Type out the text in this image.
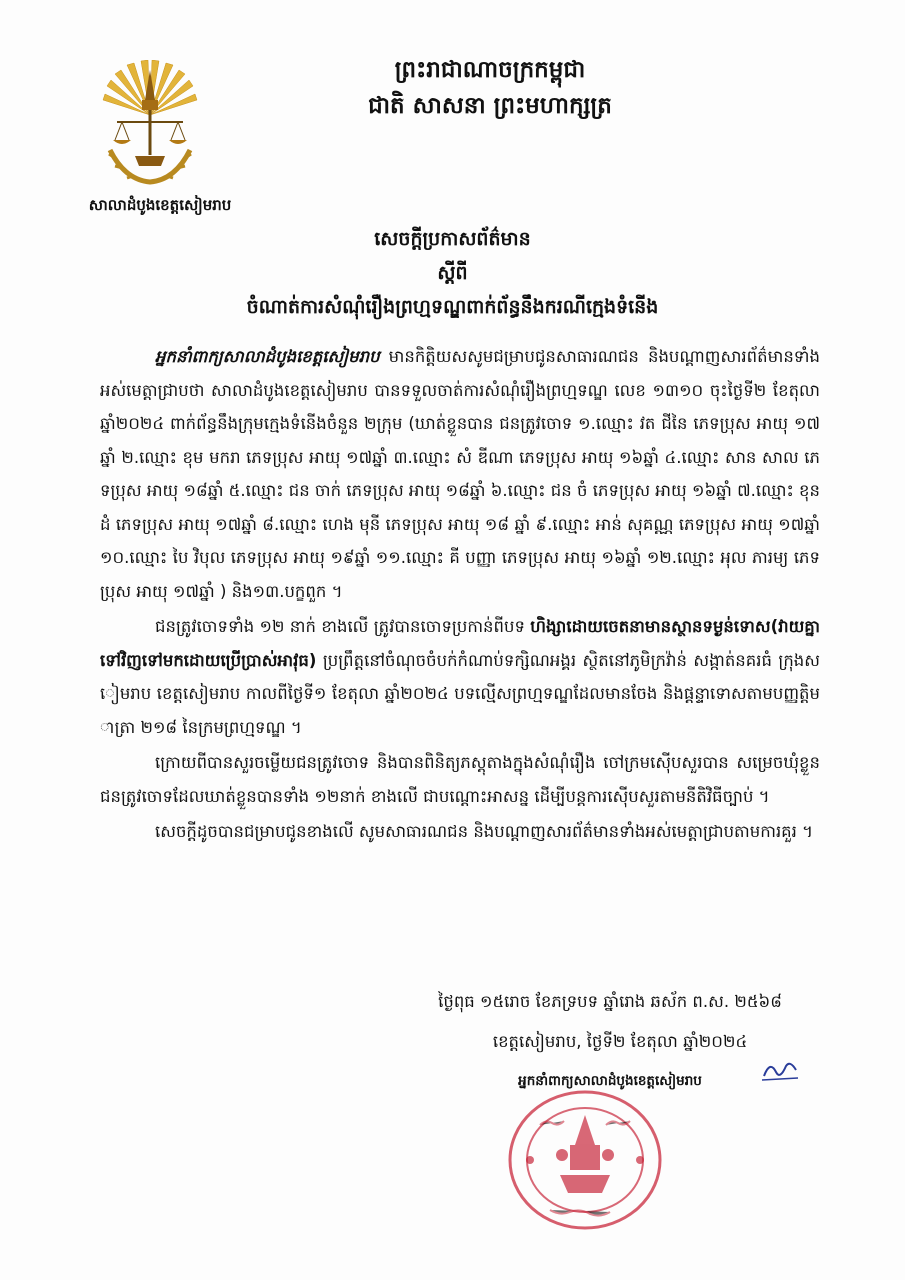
សាលាដំបូងខេត្តសៀមរាប
ព្រះរាជាណាចក្រកម្ពុជា
ជាតិ សាសនា ព្រះមហាក្សត្រ
សេចក្តីប្រកាសព័ត៌មាន
ស្តីពី
ចំណាត់ការសំណុំរឿងព្រហ្មទណ្ឌពាក់ព័ន្ធនឹងករណីក្មេងទំនើង

អ្នកនាំពាក្យសាលាដំបូងខេត្តសៀមរាប មានកិត្តិយសសូមជម្រាបជូនសាធារណជន និងបណ្តាញសារព័ត៌មានទាំងអស់មេត្តាជ្រាបថា សាលាដំបូងខេត្តសៀមរាប បានទទួលចាត់ការសំណុំរឿងព្រហ្មទណ្ឌ លេខ ១៣១០ ចុះថ្ងៃទី២ ខែតុលា ឆ្នាំ២០២៤ ពាក់ព័ន្ធនឹងក្រុមក្មេងទំនើងចំនួន ២ក្រុម (ឃាត់ខ្លួនបាន ជនត្រូវចោទ ១.ឈ្មោះ វត ជីនៃ ភេទប្រុស អាយុ ១៧ឆ្នាំ ២.ឈ្មោះ ខុម មករា ភេទប្រុស អាយុ ១៧ឆ្នាំ ៣.ឈ្មោះ សំ ឌីណា ភេទប្រុស អាយុ ១៦ឆ្នាំ ៤.ឈ្មោះ សាន សាល ភេទប្រុស អាយុ ១៨ឆ្នាំ ៥.ឈ្មោះ ជន ចាក់ ភេទប្រុស អាយុ ១៨ឆ្នាំ ៦.ឈ្មោះ ជន ចំ ភេទប្រុស អាយុ ១៦ឆ្នាំ ៧.ឈ្មោះ ខុន ដំ ភេទប្រុស អាយុ ១៧ឆ្នាំ ៨.ឈ្មោះ ហេង មុនី ភេទប្រុស អាយុ ១៨ ឆ្នាំ ៩.ឈ្មោះ អាន់ សុគណ្ណ ភេទប្រុស អាយុ ១៧ឆ្នាំ ១០.ឈ្មោះ បៃ វិបុល ភេទប្រុស អាយុ ១៩ឆ្នាំ ១១.ឈ្មោះ គី បញ្ញា ភេទប្រុស អាយុ ១៦ឆ្នាំ ១២.ឈ្មោះ អុល ភារម្យ ភេទប្រុស អាយុ ១៧ឆ្នាំ ) និង១៣.បក្ខពួក ។

ជនត្រូវចោទទាំង ១២ នាក់ ខាងលើ ត្រូវបានចោទប្រកាន់ពីបទ ហិង្សាដោយចេតនាមានស្ថានទម្ងន់ទោស(វាយគ្នាទៅវិញទៅមកដោយប្រើប្រាស់អាវុធ) ប្រព្រឹត្តនៅចំណុចចំបក់កំណាប់ទក្សិណអង្គរ ស្ថិតនៅភូមិក្រវ៉ាន់ សង្កាត់នគរធំ ក្រុងសៀមរាប ខេត្តសៀមរាប កាលពីថ្ងៃទី១ ខែតុលា ឆ្នាំ២០២៤ បទល្មើសព្រហ្មទណ្ឌដែលមានចែង និងផ្តន្ទាទោសតាមបញ្ញត្តិមាត្រា ២១៨ នៃក្រមព្រហ្មទណ្ឌ ។

ក្រោយពីបានសួរចម្លើយជនត្រូវចោទ និងបានពិនិត្យភស្តុតាងក្នុងសំណុំរឿង ចៅក្រមស៊ើបសួរបាន សម្រេចឃុំខ្លួនជនត្រូវចោទដែលឃាត់ខ្លួនបានទាំង ១២នាក់ ខាងលើ ជាបណ្តោះអាសន្ន ដើម្បីបន្តការស៊ើបសួរតាមនីតិវិធីច្បាប់ ។

សេចក្តីដូចបានជម្រាបជូនខាងលើ សូមសាធារណជន និងបណ្តាញសារព័ត៌មានទាំងអស់មេត្តាជ្រាបតាមការគួរ ។

ថ្ងៃពុធ ១៥រោច ខែភទ្របទ ឆ្នាំរោង ឆស័ក ព.ស. ២៥៦៨
ខេត្តសៀមរាប, ថ្ងៃទី២ ខែតុលា ឆ្នាំ២០២៤
អ្នកនាំពាក្យសាលាដំបូងខេត្តសៀមរាប
